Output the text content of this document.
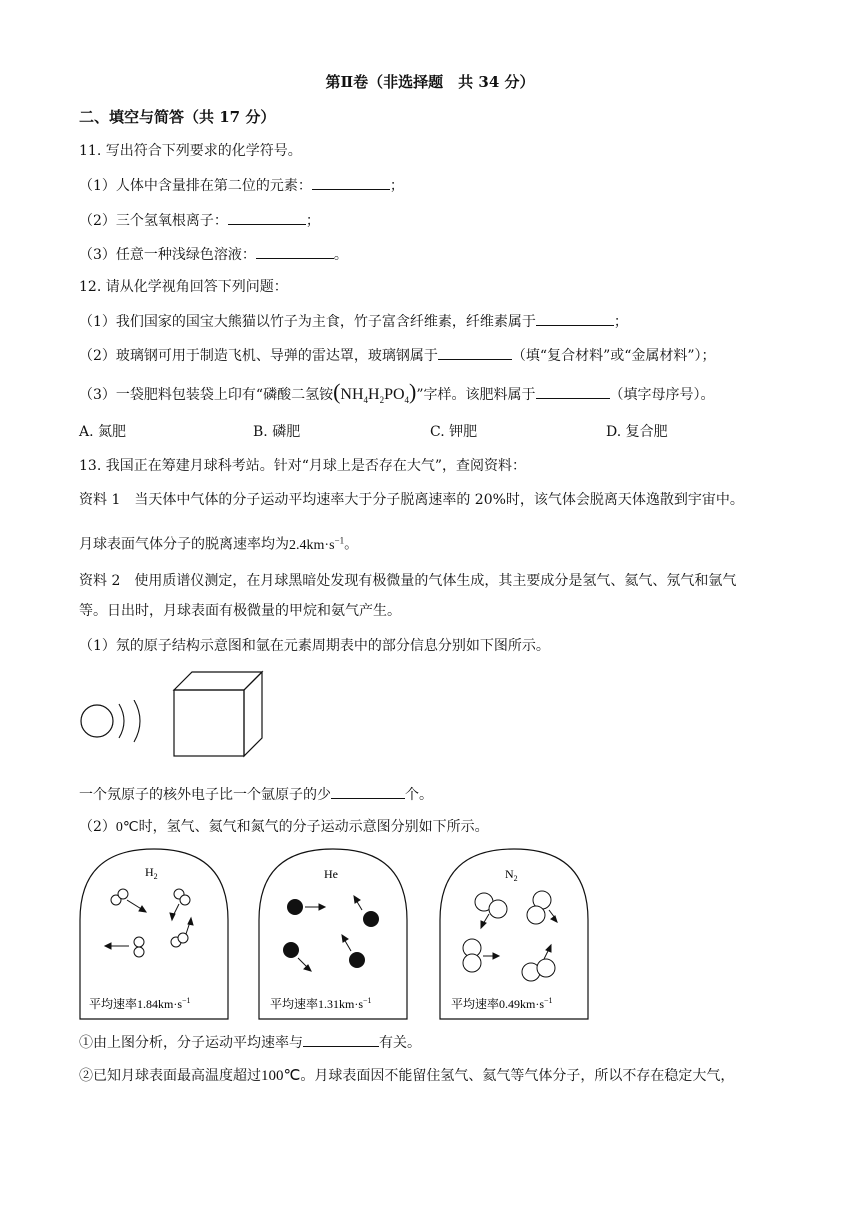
第Ⅱ卷（非选择题　共 34 分）
二、填空与简答（共 17 分）
11. 写出符合下列要求的化学符号。
（1）人体中含量排在第二位的元素：	；
（2）三个氢氧根离子：	；
（3）任意一种浅绿色溶液：	。
12. 请从化学视角回答下列问题：
（1）我们国家的国宝大熊猫以竹子为主食，竹子富含纤维素，纤维素属于	；
（2）玻璃钢可用于制造飞机、导弹的雷达罩，玻璃钢属于	（填“复合材料”或“金属材料”）；
（3）一袋肥料包装袋上印有“磷酸二氢铵$(NH_4H_2PO_4)$”字样。该肥料属于	（填字母序号）。
A. 氮肥	B. 磷肥	C. 钾肥	D. 复合肥
13. 我国正在筹建月球科考站。针对“月球上是否存在大气”，查阅资料：
资料 1　当天体中气体的分子运动平均速率大于分子脱离速率的 20%时，该气体会脱离天体逸散到宇宙中。
月球表面气体分子的脱离速率均为$2.4km\cdot s^{-1}$。
资料 2　使用质谱仪测定，在月球黑暗处发现有极微量的气体生成，其主要成分是氢气、氦气、氖气和氩气
等。日出时，月球表面有极微量的甲烷和氨气产生。
（1）氖的原子结构示意图和氩在元素周期表中的部分信息分别如下图所示。
一个氖原子的核外电子比一个氩原子的少	个。
（2）0℃时，氢气、氦气和氮气的分子运动示意图分别如下所示。
$H_2$
平均速率$1.84km\cdot s^{-1}$
He
平均速率$1.31km\cdot s^{-1}$
$N_2$
平均速率$0.49km\cdot s^{-1}$
①由上图分析，分子运动平均速率与	有关。
②已知月球表面最高温度超过100℃。月球表面因不能留住氢气、氦气等气体分子，所以不存在稳定大气，
